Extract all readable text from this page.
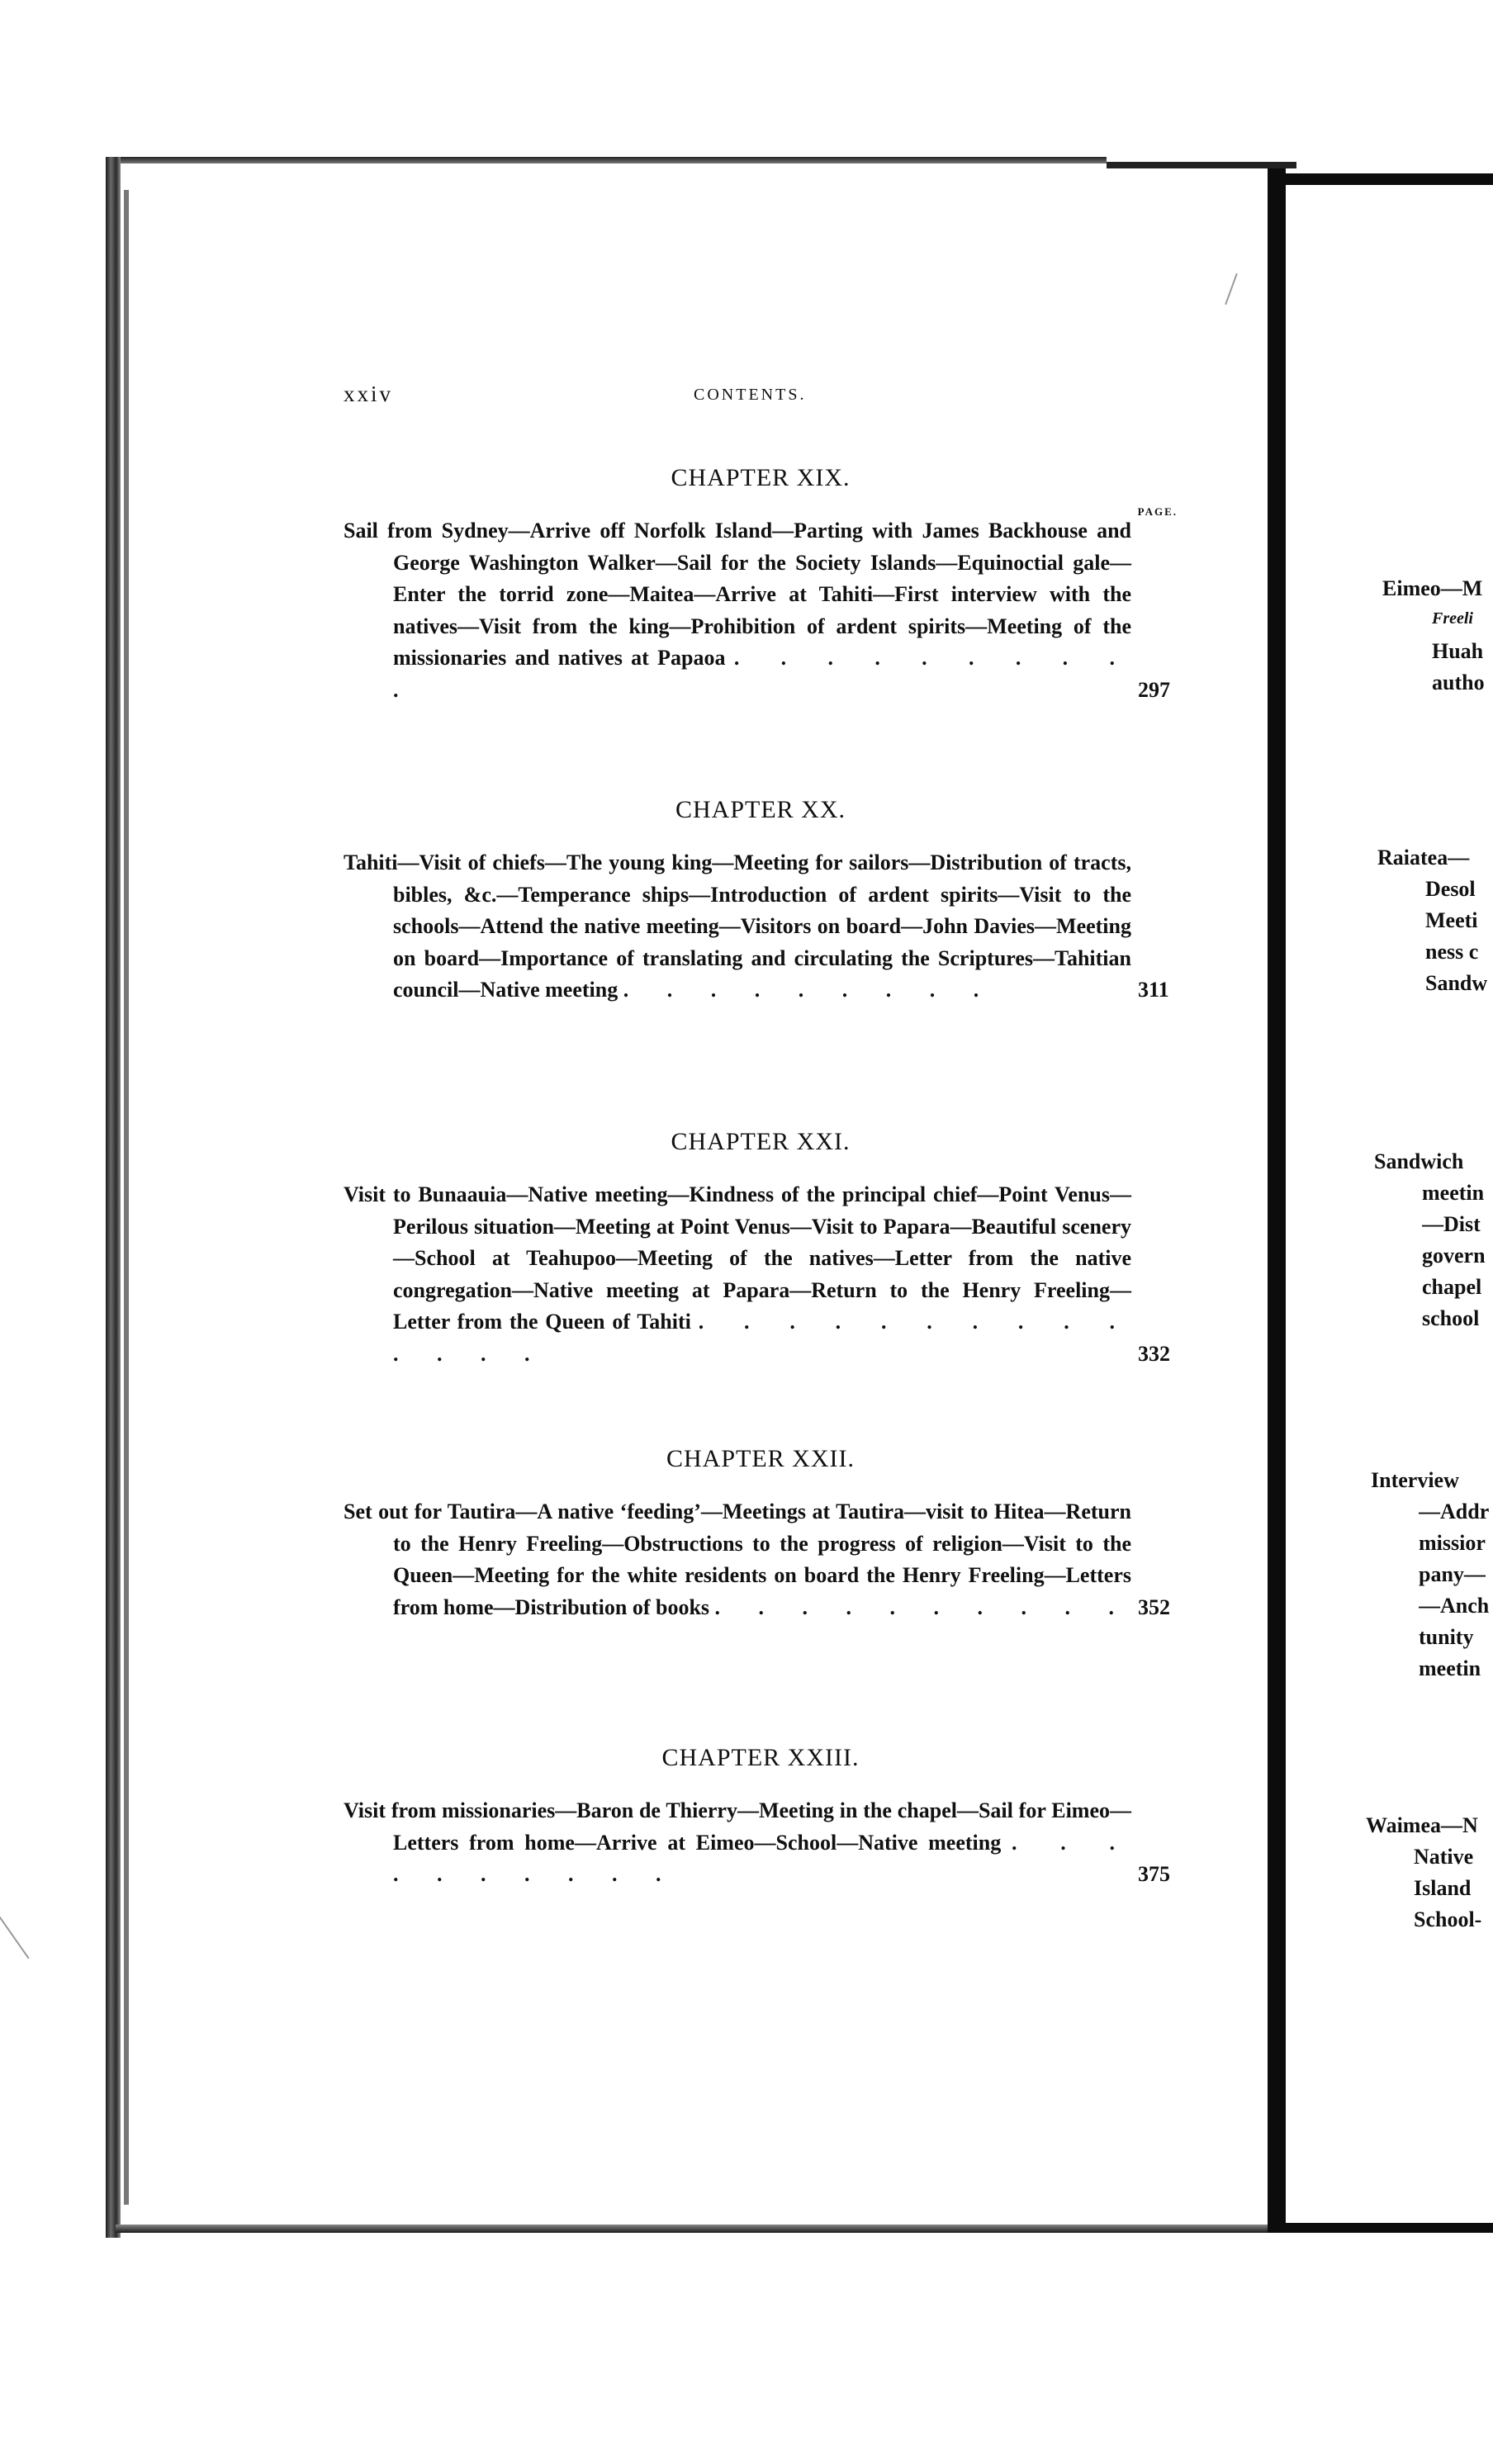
xxiv	CONTENTS.
CHAPTER XIX.
PAGE.
Sail from Sydney—Arrive off Norfolk Island—Parting with James Backhouse and George Washington Walker—Sail for the Society Islands—Equinoctial gale—Enter the torrid zone—Maitea—Arrive at Tahiti—First interview with the natives—Visit from the king—Prohibition of ardent spirits—Meeting of the missionaries and natives at Papaoa . . . . . . . . . .	297
CHAPTER XX.
Tahiti—Visit of chiefs—The young king—Meeting for sailors—Distribution of tracts, bibles, &c.—Temperance ships—Introduction of ardent spirits—Visit to the schools—Attend the native meeting—Visitors on board—John Davies—Meeting on board—Importance of translating and circulating the Scriptures—Tahitian council—Native meeting . . . . . . . . .	311
CHAPTER XXI.
Visit to Bunaauia—Native meeting—Kindness of the principal chief—Point Venus—Perilous situation—Meeting at Point Venus—Visit to Papara—Beautiful scenery—School at Teahupoo—Meeting of the natives—Letter from the native congregation—Native meeting at Papara—Return to the Henry Freeling—Letter from the Queen of Tahiti . . . . . . . . . . . . . .	332
CHAPTER XXII.
Set out for Tautira—A native ‘feeding’—Meetings at Tautira—visit to Hitea—Return to the Henry Freeling—Obstructions to the progress of religion—Visit to the Queen—Meeting for the white residents on board the Henry Freeling—Letters from home—Distribution of books . . . . . . . . . . 352
CHAPTER XXIII.
Visit from missionaries—Baron de Thierry—Meeting in the chapel—Sail for Eimeo—Letters from home—Arrive at Eimeo—School—Native meeting . . . . . . . . . .	375
Eimeo—M
Freeli
Huah
autho
Raiatea—
Desol
Meeti
ness c
Sandw
Sandwich
meetin
—Dist
govern
chapel
school
Interview
—Addr
missior
pany—
—Anch
tunity
meetin
Waimea—N
Native
Island
School-
